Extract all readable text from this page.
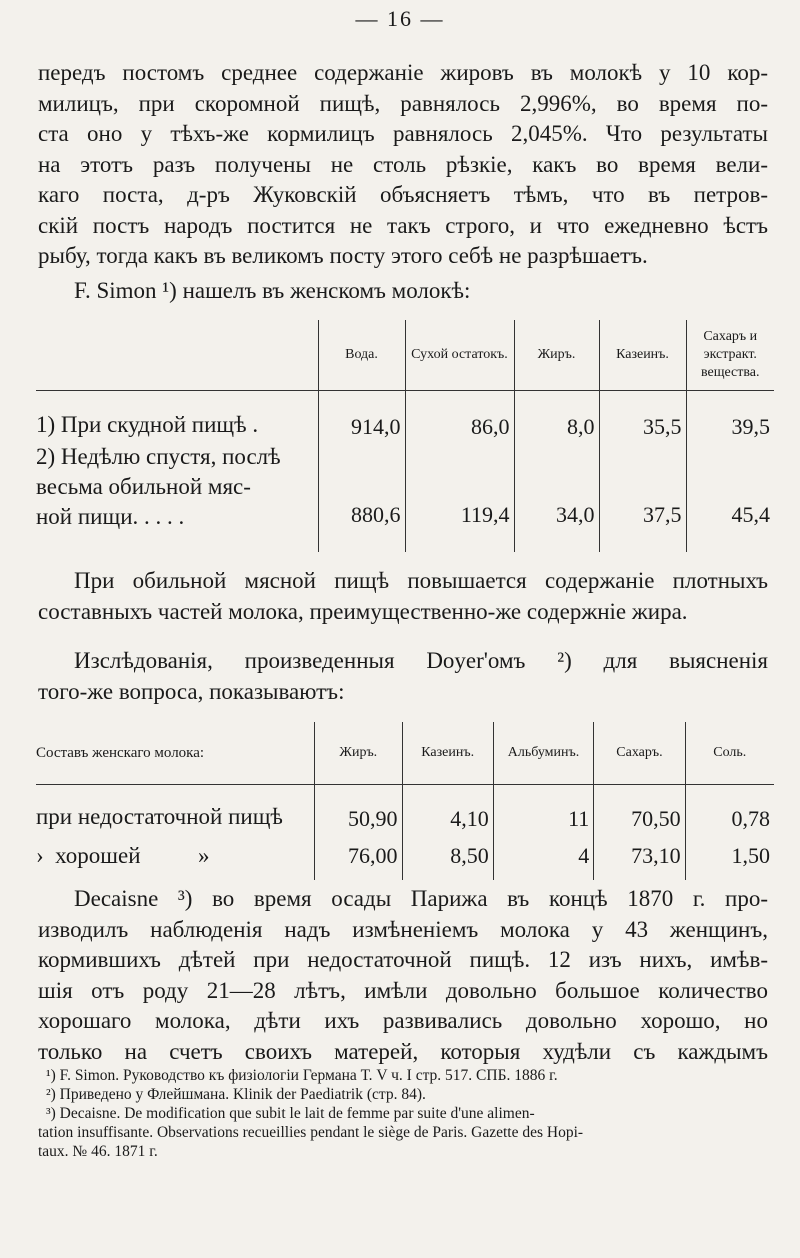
— 16 —

передъ постомъ среднее содержаніе жировъ въ молокѣ у 10 кор-
милицъ, при скоромной пищѣ, равнялось 2,996%, во время по-
ста оно у тѣхъ-же кормилицъ равнялось 2,045%. Что результаты
на этотъ разъ получены не столь рѣзкіе, какъ во время вели-
каго поста, д-ръ Жуковскій объясняетъ тѣмъ, что въ петров-
скій постъ народъ постится не такъ строго, и что ежедневно ѣстъ
рыбу, тогда какъ въ великомъ посту этого себѣ не разрѣшаетъ.

F. Simon ¹) нашелъ въ женскомъ молокѣ:

	Вода.	Сухой остатокъ.	Жиръ.	Казеинъ.	Сахаръ и экстракт. вещества.
1) При скудной пищѣ .	914,0	86,0	8,0	35,5	39,5

2) Недѣлю спустя, послѣ
весьма обильной мяс-
ной пищи. . . . .	880,6	119,4	34,0	37,5	45,4

При обильной мясной пищѣ повышается содержаніе плотныхъ
составныхъ частей молока, преимущественно-же содержніе жира.

Изслѣдованія, произведенныя Doyer'омъ ²) для выясненія
того-же вопроса, показываютъ:

Составъ женскаго молока:	Жиръ.	Казеинъ.	Альбуминъ.	Сахаръ.	Соль.
при недостаточной пищѣ	50,90	4,10	11	70,50	0,78
›  хорошей          »	76,00	8,50	4	73,10	1,50

Decaisne ³) во время осады Парижа въ концѣ 1870 г. про-
изводилъ наблюденія надъ измѣненіемъ молока у 43 женщинъ,
кормившихъ дѣтей при недостаточной пищѣ. 12 изъ нихъ, имѣв-
шія отъ роду 21—28 лѣтъ, имѣли довольно большое количество
хорошаго молока, дѣти ихъ развивались довольно хорошо, но
только на счетъ своихъ матерей, которыя худѣли съ каждымъ

¹) F. Simon. Руководство къ физіологіи Германа Т. V ч. I стр. 517. СПБ. 1886 г.
²) Приведено у Флейшмана. Klinik der Paediatrik (стр. 84).
³) Decaisne. De modification que subit le lait de femme par suite d'une alimen-
tation insuffisante. Observations recueillies pendant le siège de Paris. Gazette des Hopi-
taux. № 46. 1871 г.
